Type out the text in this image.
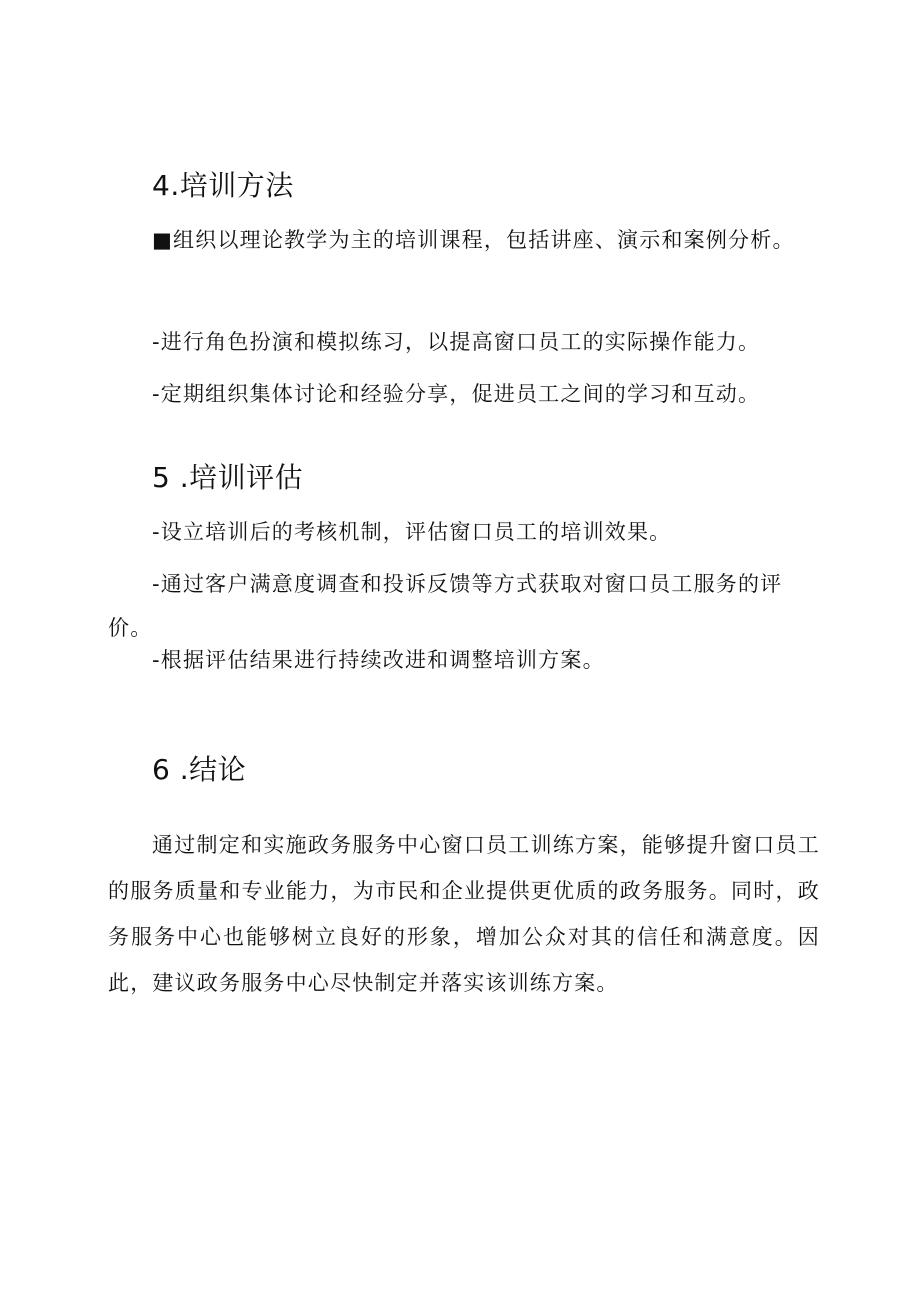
4.培训方法

■组织以理论教学为主的培训课程，包括讲座、演示和案例分析。

-进行角色扮演和模拟练习，以提高窗口员工的实际操作能力。

-定期组织集体讨论和经验分享，促进员工之间的学习和互动。

5 .培训评估

-设立培训后的考核机制，评估窗口员工的培训效果。

-通过客户满意度调查和投诉反馈等方式获取对窗口员工服务的评价。

-根据评估结果进行持续改进和调整培训方案。

6 .结论

通过制定和实施政务服务中心窗口员工训练方案，能够提升窗口员工的服务质量和专业能力，为市民和企业提供更优质的政务服务。同时，政务服务中心也能够树立良好的形象，增加公众对其的信任和满意度。因此，建议政务服务中心尽快制定并落实该训练方案。
